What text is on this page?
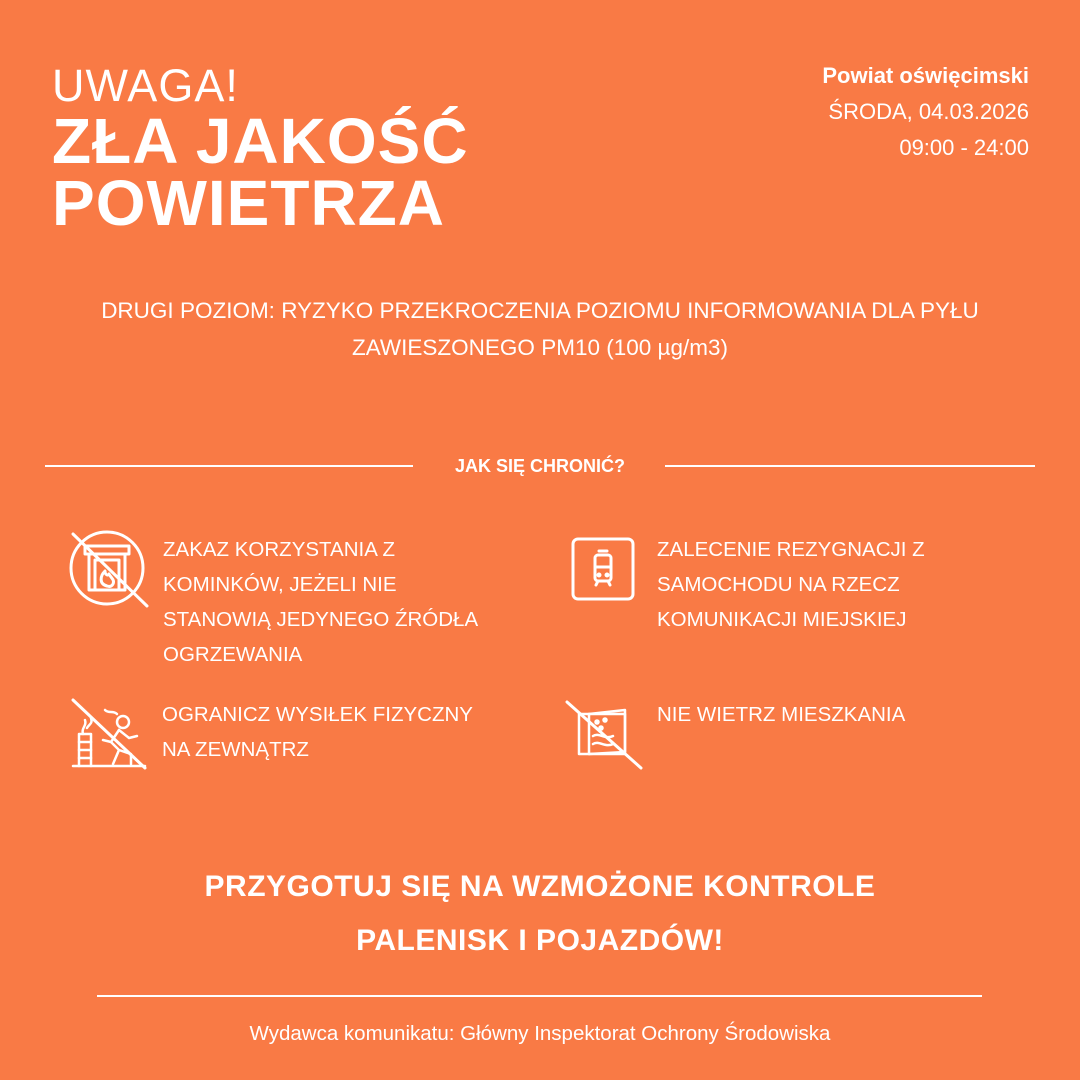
UWAGA!
ZŁA JAKOŚĆ
POWIETRZA
Powiat oświęcimski
ŚRODA, 04.03.2026
09:00 - 24:00
DRUGI POZIOM: RYZYKO PRZEKROCZENIA POZIOMU INFORMOWANIA DLA PYŁU
ZAWIESZONEGO PM10 (100 µg/m3)
JAK SIĘ CHRONIĆ?
ZAKAZ KORZYSTANIA Z
KOMINKÓW, JEŻELI NIE
STANOWIĄ JEDYNEGO ŹRÓDŁA
OGRZEWANIA
ZALECENIE REZYGNACJI Z
SAMOCHODU NA RZECZ
KOMUNIKACJI MIEJSKIEJ
OGRANICZ WYSIŁEK FIZYCZNY
NA ZEWNĄTRZ
NIE WIETRZ MIESZKANIA
PRZYGOTUJ SIĘ NA WZMOŻONE KONTROLE
PALENISK I POJAZDÓW!
Wydawca komunikatu: Główny Inspektorat Ochrony Środowiska
